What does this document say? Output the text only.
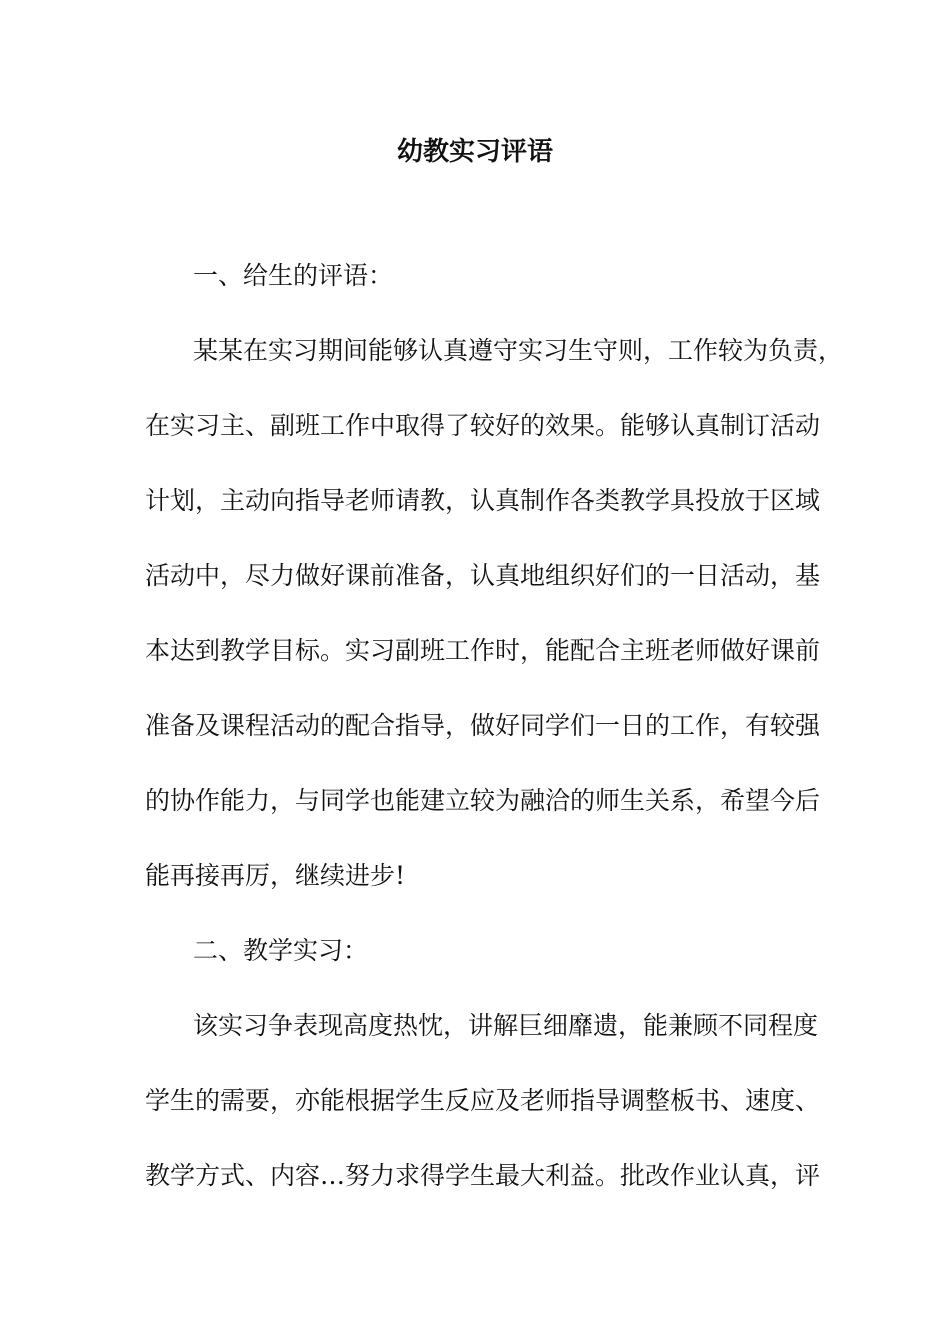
幼教实习评语

一、给生的评语：

某某在实习期间能够认真遵守实习生守则，工作较为负责，

在实习主、副班工作中取得了较好的效果。能够认真制订活动

计划，主动向指导老师请教，认真制作各类教学具投放于区域

活动中，尽力做好课前准备，认真地组织好们的一日活动，基

本达到教学目标。实习副班工作时，能配合主班老师做好课前

准备及课程活动的配合指导，做好同学们一日的工作，有较强

的协作能力，与同学也能建立较为融洽的师生关系，希望今后

能再接再厉，继续进步!

二、教学实习：

该实习争表现高度热忱，讲解巨细靡遗，能兼顾不同程度

学生的需要，亦能根据学生反应及老师指导调整板书、速度、

教学方式、内容…努力求得学生最大利益。批改作业认真，评
